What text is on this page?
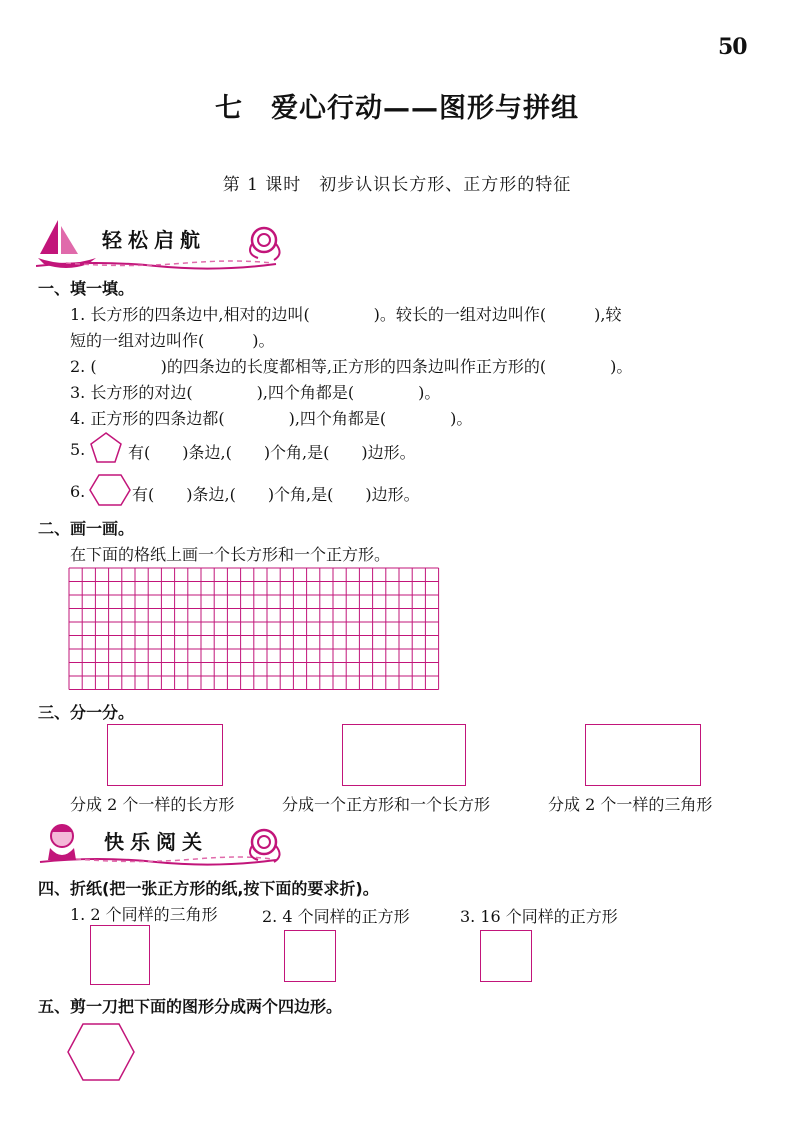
50
七　爱心行动——图形与拼组
第 1 课时　初步认识长方形、正方形的特征
轻松启航
一、填一填。
1. 长方形的四条边中,相对的边叫(　　　　)。较长的一组对边叫作(　　　),较
短的一组对边叫作(　　　)。
2. (　　　　)的四条边的长度都相等,正方形的四条边叫作正方形的(　　　　)。
3. 长方形的对边(　　　　),四个角都是(　　　　)。
4. 正方形的四条边都(　　　　),四个角都是(　　　　)。
5.	有(　　)条边,(　　)个角,是(　　)边形。
6.	有(　　)条边,(　　)个角,是(　　)边形。
二、画一画。
在下面的格纸上画一个长方形和一个正方形。
三、分一分。
分成 2 个一样的长方形	分成一个正方形和一个长方形	分成 2 个一样的三角形
快乐阅关
四、折纸(把一张正方形的纸,按下面的要求折)。
1. 2 个同样的三角形	2. 4 个同样的正方形	3. 16 个同样的正方形
五、剪一刀把下面的图形分成两个四边形。
